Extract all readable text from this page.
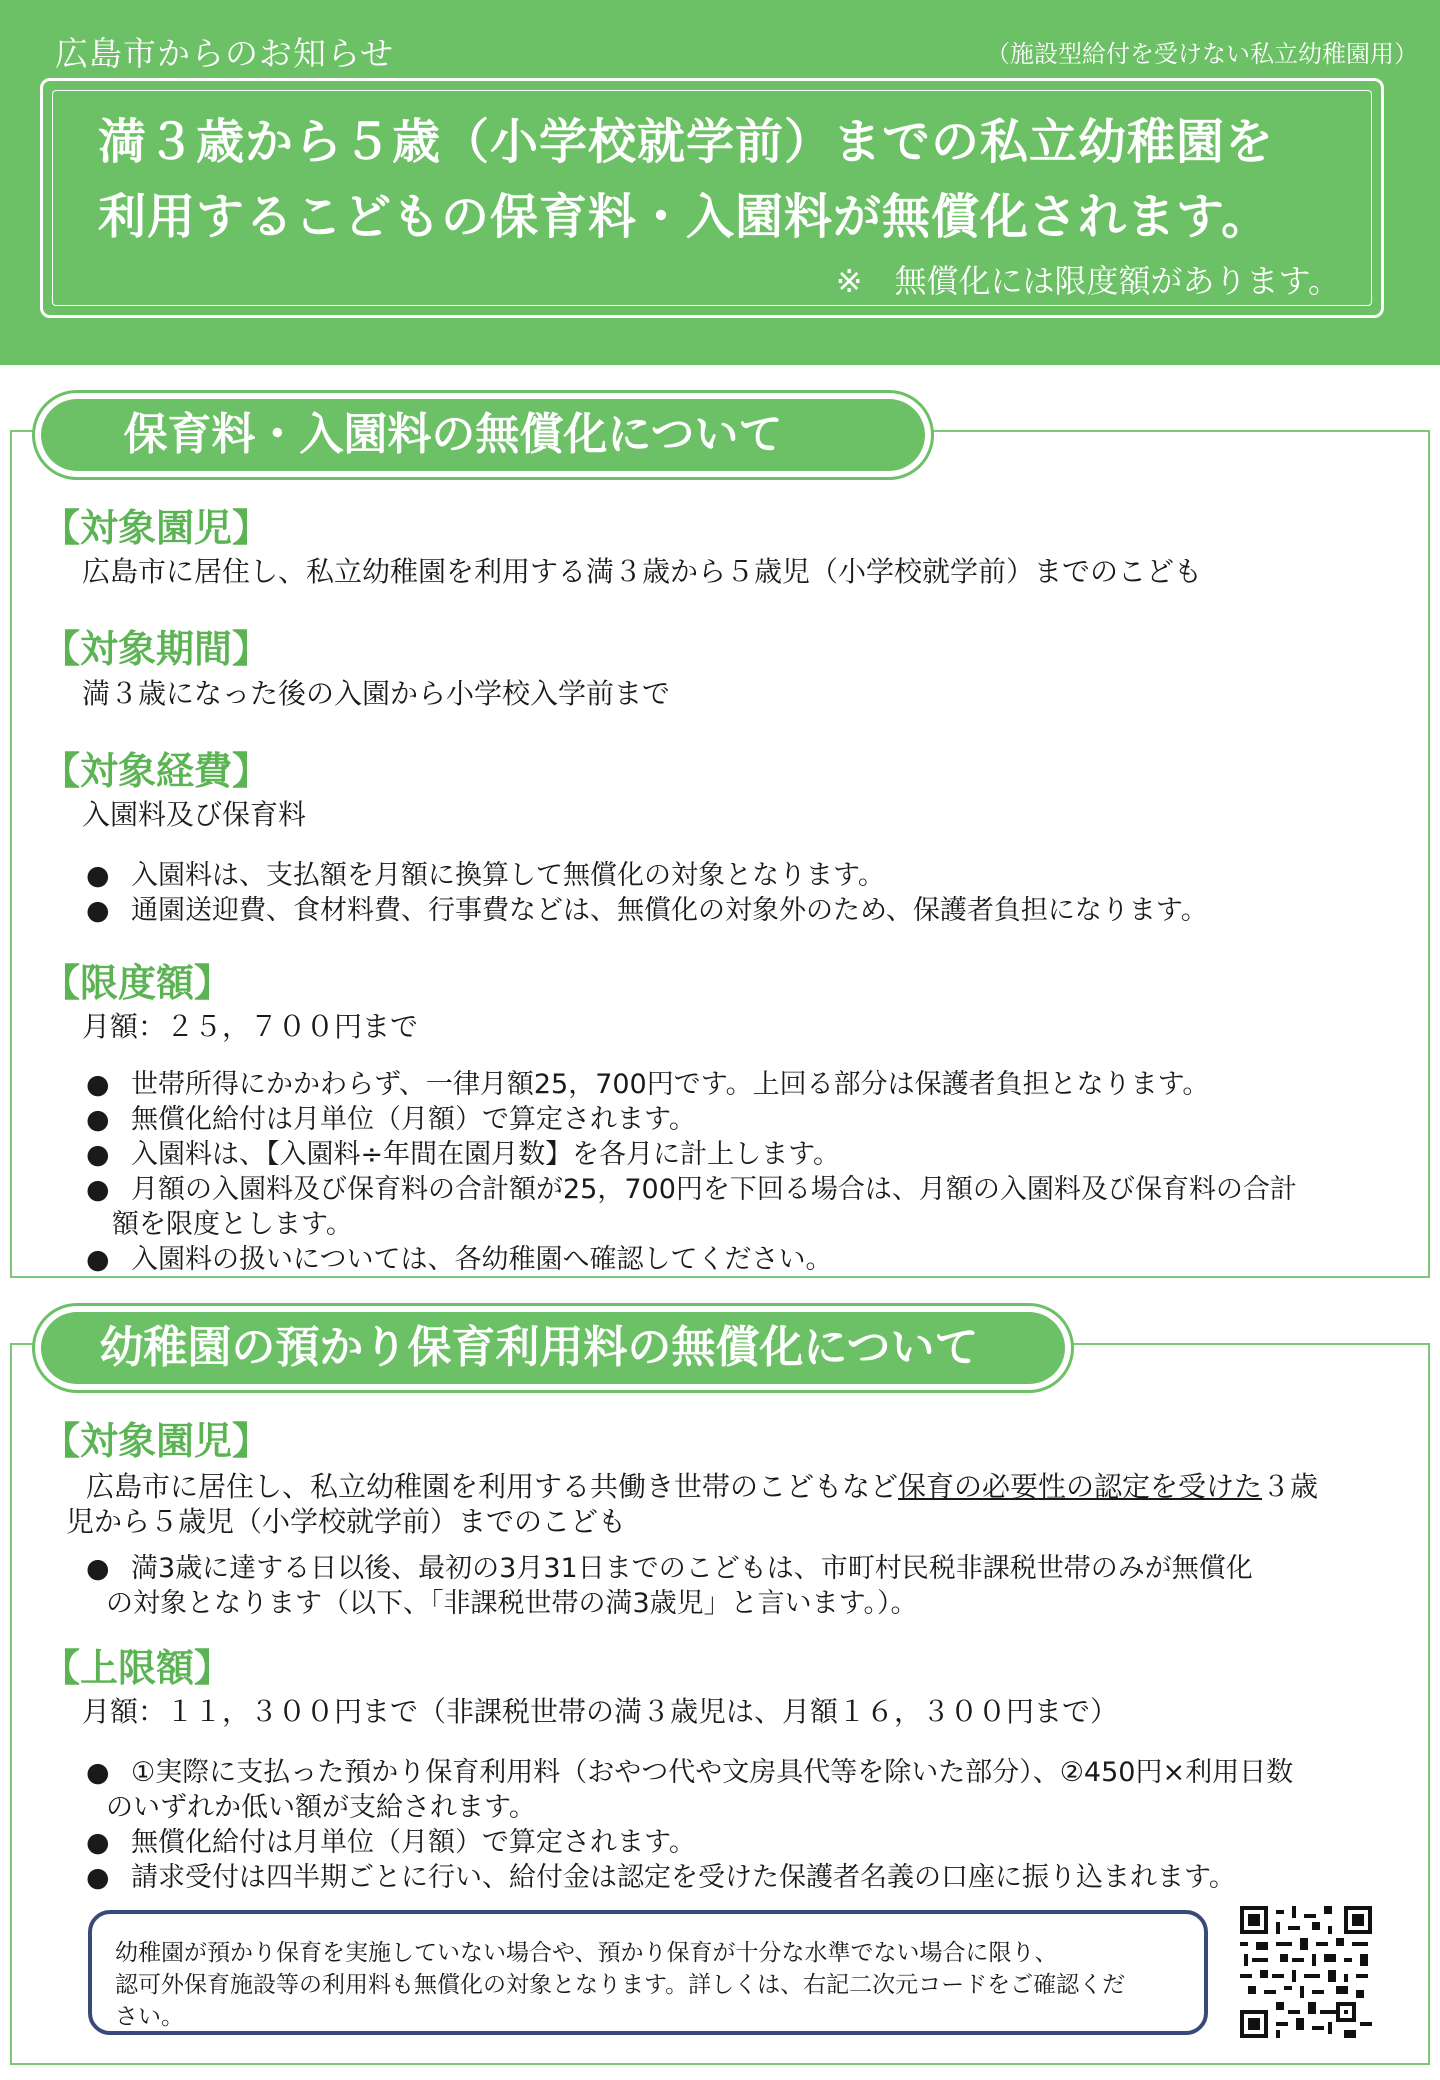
広島市からのお知らせ	（施設型給付を受けない私立幼稚園用）
満３歳から５歳（小学校就学前）までの私立幼稚園を
利用するこどもの保育料・入園料が無償化されます。
※　無償化には限度額があります。
保育料・入園料の無償化について
【対象園児】
広島市に居住し、私立幼稚園を利用する満３歳から５歳児（小学校就学前）までのこども
【対象期間】
満３歳になった後の入園から小学校入学前まで
【対象経費】
入園料及び保育料
● 入園料は、支払額を月額に換算して無償化の対象となります。
● 通園送迎費、食材料費、行事費などは、無償化の対象外のため、保護者負担になります。
【限度額】
月額：２５，７００円まで
● 世帯所得にかかわらず、一律月額25，700円です。上回る部分は保護者負担となります。
● 無償化給付は月単位（月額）で算定されます。
● 入園料は、【入園料÷年間在園月数】を各月に計上します。
● 月額の入園料及び保育料の合計額が25，700円を下回る場合は、月額の入園料及び保育料の合計
額を限度とします。
● 入園料の扱いについては、各幼稚園へ確認してください。
幼稚園の預かり保育利用料の無償化について
【対象園児】
広島市に居住し、私立幼稚園を利用する共働き世帯のこどもなど保育の必要性の認定を受けた３歳
児から５歳児（小学校就学前）までのこども
● 満3歳に達する日以後、最初の3月31日までのこどもは、市町村民税非課税世帯のみが無償化
の対象となります（以下、「非課税世帯の満3歳児」と言います。）。
【上限額】
月額：１１，３００円まで（非課税世帯の満３歳児は、月額１６，３００円まで）
● ①実際に支払った預かり保育利用料（おやつ代や文房具代等を除いた部分）、②450円×利用日数
のいずれか低い額が支給されます。
● 無償化給付は月単位（月額）で算定されます。
● 請求受付は四半期ごとに行い、給付金は認定を受けた保護者名義の口座に振り込まれます。
幼稚園が預かり保育を実施していない場合や、預かり保育が十分な水準でない場合に限り、
認可外保育施設等の利用料も無償化の対象となります。詳しくは、右記二次元コードをご確認くだ
さい。
